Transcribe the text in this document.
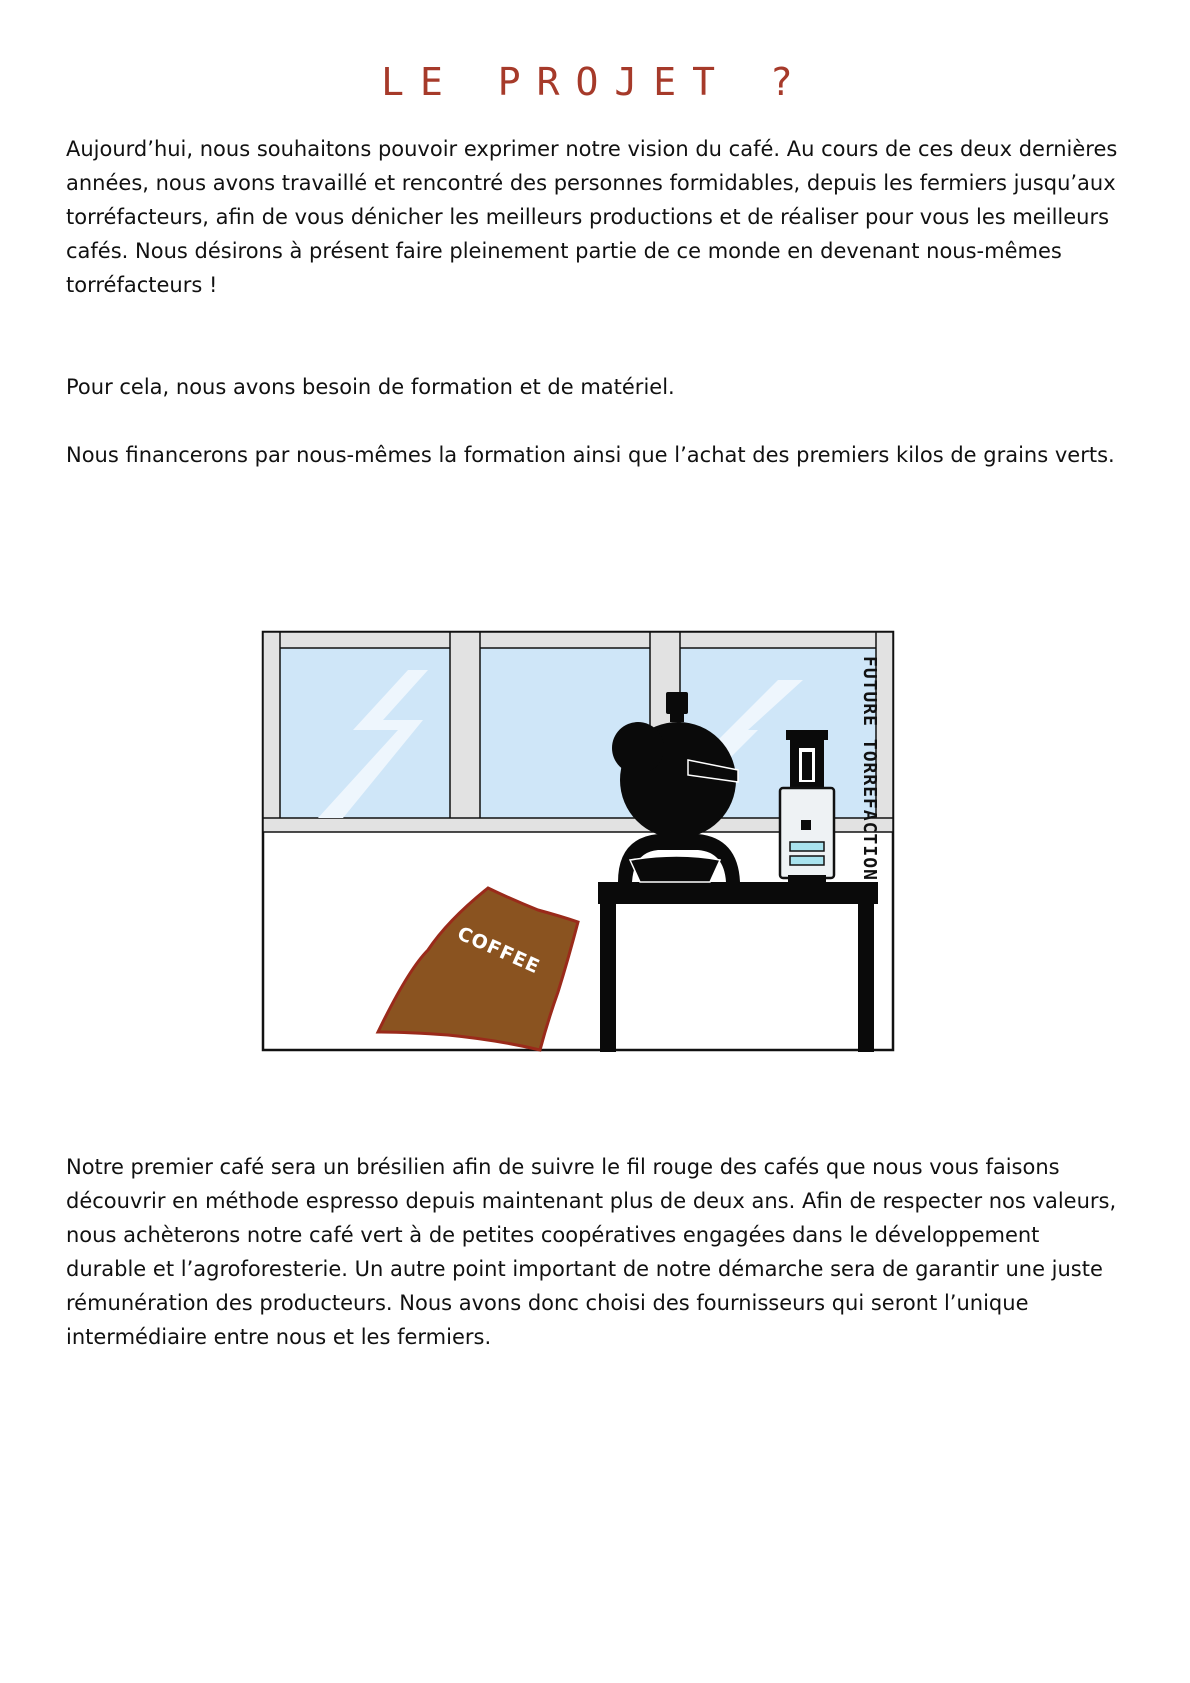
LE PROJET ?

Aujourd’hui, nous souhaitons pouvoir exprimer notre vision du café. Au cours de ces deux dernières années, nous avons travaillé et rencontré des personnes formidables, depuis les fermiers jusqu’aux torréfacteurs, afin de vous dénicher les meilleurs productions et de réaliser pour vous les meilleurs cafés. Nous désirons à présent faire pleinement partie de ce monde en devenant nous-mêmes torréfacteurs !

Pour cela, nous avons besoin de formation et de matériel.

Nous financerons par nous-mêmes la formation ainsi que l’achat des premiers kilos de grains verts.

COFFEE
FUTURE TORREFACTION

Notre premier café sera un brésilien afin de suivre le fil rouge des cafés que nous vous faisons découvrir en méthode espresso depuis maintenant plus de deux ans. Afin de respecter nos valeurs, nous achèterons notre café vert à de petites coopératives engagées dans le développement durable et l’agroforesterie. Un autre point important de notre démarche sera de garantir une juste rémunération des producteurs. Nous avons donc choisi des fournisseurs qui seront l’unique intermédiaire entre nous et les fermiers.
